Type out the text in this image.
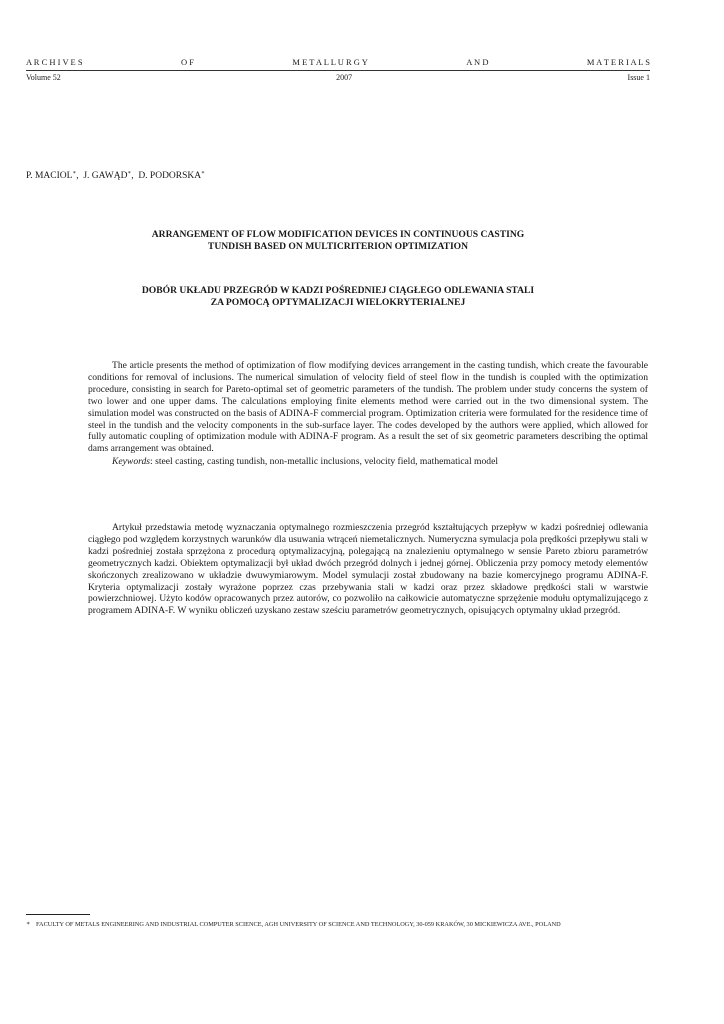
A R C H I V E S	O F	M E T A L L U R G Y	A N D	M A T E R I A L S
Volume 52	2007	Issue 1
P. MACIOL∗,  J. GAWĄD∗,  D. PODORSKA∗
ARRANGEMENT OF FLOW MODIFICATION DEVICES IN CONTINUOUS CASTING
TUNDISH BASED ON MULTICRITERION OPTIMIZATION
DOBÓR UKŁADU PRZEGRÓD W KADZI POŚREDNIEJ CIĄGŁEGO ODLEWANIA STALI
ZA POMOCĄ OPTYMALIZACJI WIELOKRYTERIALNEJ

The article presents the method of optimization of flow modifying devices arrangement in the casting tundish, which create the favourable conditions for removal of inclusions. The numerical simulation of velocity field of steel flow in the tundish is coupled with the optimization procedure, consisting in search for Pareto-optimal set of geometric parameters of the tundish. The problem under study concerns the system of two lower and one upper dams. The calculations employing finite elements method were carried out in the two dimensional system. The simulation model was constructed on the basis of ADINA-F commercial program. Optimization criteria were formulated for the residence time of steel in the tundish and the velocity components in the sub-surface layer. The codes developed by the authors were applied, which allowed for fully automatic coupling of optimization module with ADINA-F program. As a result the set of six geometric parameters describing the optimal dams arrangement was obtained.

Keywords: steel casting, casting tundish, non-metallic inclusions, velocity field, mathematical model

Artykuł przedstawia metodę wyznaczania optymalnego rozmieszczenia przegród kształtujących przepływ w kadzi pośredniej odlewania ciągłego pod względem korzystnych warunków dla usuwania wtrąceń niemetalicznych. Numeryczna symulacja pola prędkości przepływu stali w kadzi pośredniej została sprzężona z procedurą optymalizacyjną, polegającą na znalezieniu optymalnego w sensie Pareto zbioru parametrów geometrycznych kadzi. Obiektem optymalizacji był układ dwóch przegród dolnych i jednej górnej. Obliczenia przy pomocy metody elementów skończonych zrealizowano w układzie dwuwymiarowym. Model symulacji został zbudowany na bazie komercyjnego programu ADINA-F. Kryteria optymalizacji zostały wyrażone poprzez czas przebywania stali w kadzi oraz przez składowe prędkości stali w warstwie powierzchniowej. Użyto kodów opracowanych przez autorów, co pozwoliło na całkowicie automatyczne sprzężenie modułu optymalizującego z programem ADINA-F. W wyniku obliczeń uzyskano zestaw sześciu parametrów geometrycznych, opisujących optymalny układ przegród.

∗ FACULTY OF METALS ENGINEERING AND INDUSTRIAL COMPUTER SCIENCE, AGH UNIVERSITY OF SCIENCE AND TECHNOLOGY, 30-059 KRAKÓW, 30 MICKIEWICZA AVE., POLAND
